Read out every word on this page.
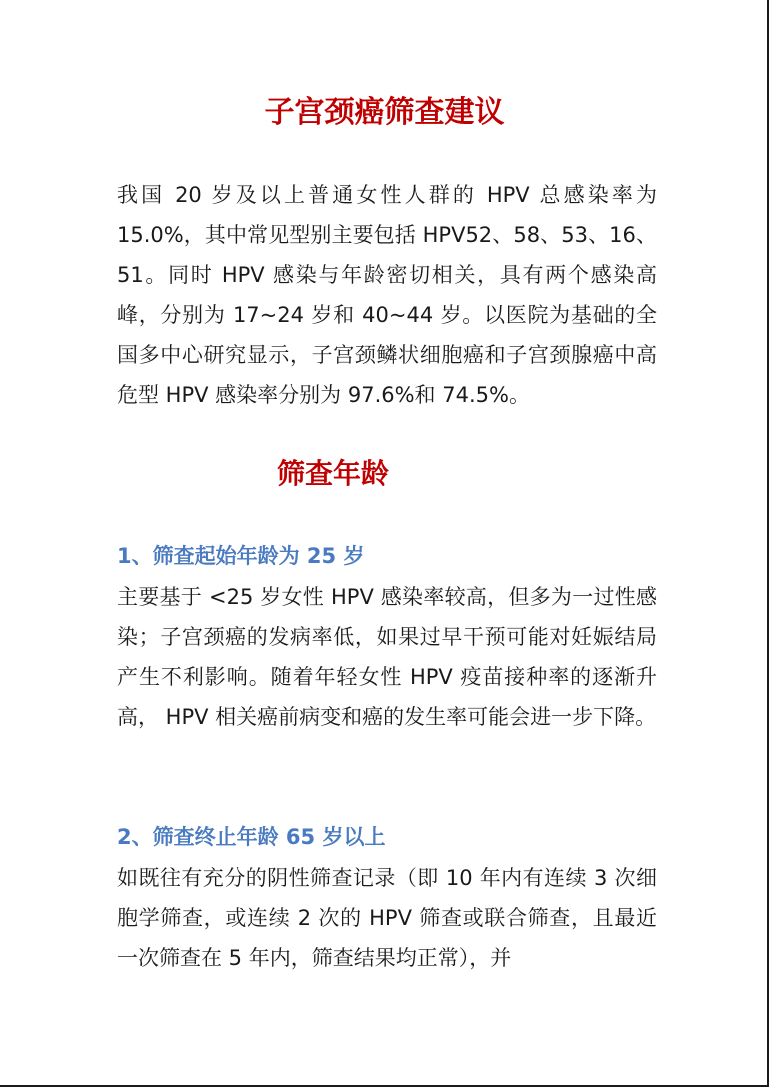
子宫颈癌筛查建议

我国 20 岁及以上普通女性人群的 HPV 总感染率为 15.0%，其中常见型别主要包括 HPV52、58、53、16、51。同时 HPV 感染与年龄密切相关，具有两个感染高峰，分别为 17~24 岁和 40~44 岁。以医院为基础的全国多中心研究显示，子宫颈鳞状细胞癌和子宫颈腺癌中高危型 HPV 感染率分别为 97.6%和 74.5%。

筛查年龄
1、筛查起始年龄为 25 岁

主要基于 <25 岁女性 HPV 感染率较高，但多为一过性感染；子宫颈癌的发病率低，如果过早干预可能对妊娠结局产生不利影响。随着年轻女性 HPV 疫苗接种率的逐渐升高， HPV 相关癌前病变和癌的发生率可能会进一步下降。

2、筛查终止年龄 65 岁以上

如既往有充分的阴性筛查记录（即 10 年内有连续 3 次细胞学筛查，或连续 2 次的 HPV 筛查或联合筛查，且最近一次筛查在 5 年内，筛查结果均正常），并
